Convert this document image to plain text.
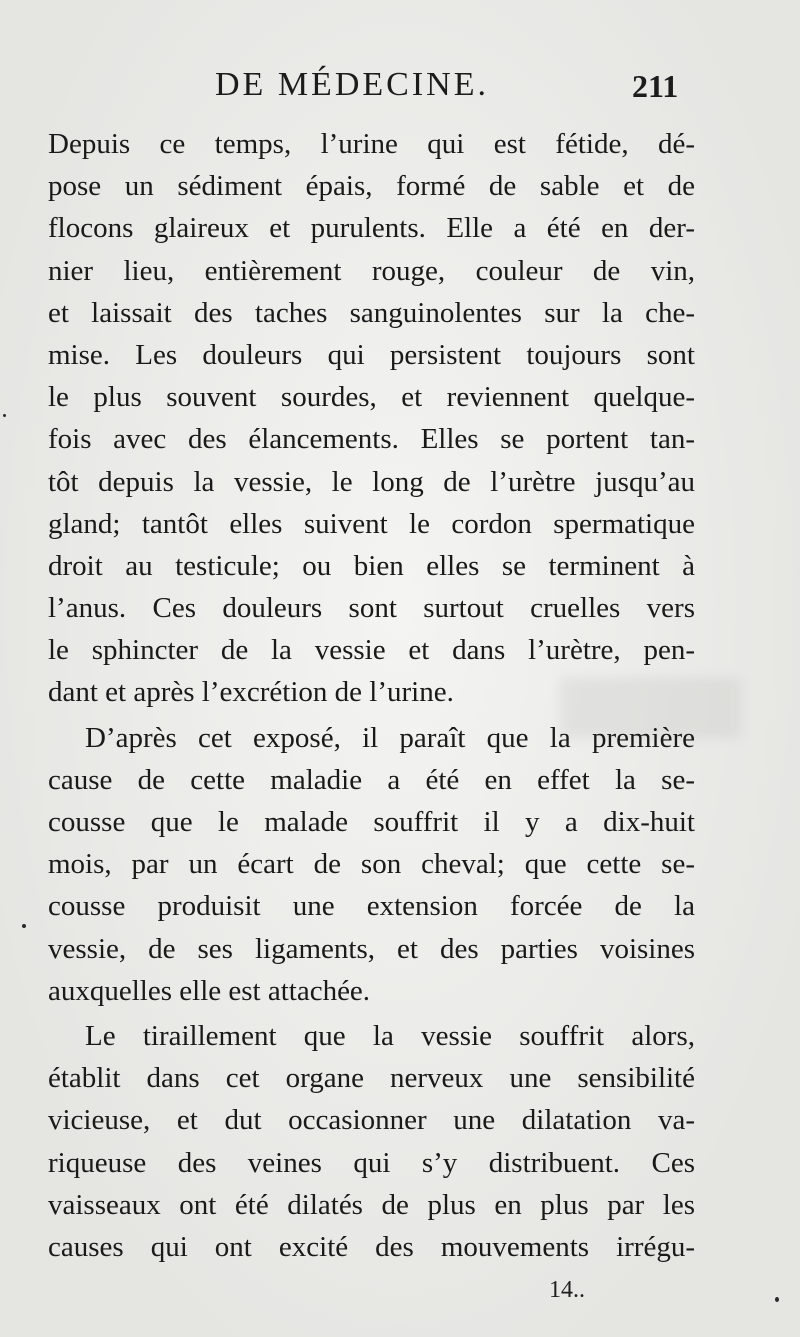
DE MÉDECINE.	211
Depuis ce temps, l’urine qui est fétide, dé-
pose un sédiment épais, formé de sable et de
flocons glaireux et purulents. Elle a été en der-
nier lieu, entièrement rouge, couleur de vin,
et laissait des taches sanguinolentes sur la che-
mise. Les douleurs qui persistent toujours sont
le plus souvent sourdes, et reviennent quelque-
fois avec des élancements. Elles se portent tan-
tôt depuis la vessie, le long de l’urètre jusqu’au
gland; tantôt elles suivent le cordon spermatique
droit au testicule; ou bien elles se terminent à
l’anus. Ces douleurs sont surtout cruelles vers
le sphincter de la vessie et dans l’urètre, pen-
dant et après l’excrétion de l’urine.
D’après cet exposé, il paraît que la première
cause de cette maladie a été en effet la se-
cousse que le malade souffrit il y a dix-huit
mois, par un écart de son cheval; que cette se-
cousse produisit une extension forcée de la
vessie, de ses ligaments, et des parties voisines
auxquelles elle est attachée.
Le tiraillement que la vessie souffrit alors,
établit dans cet organe nerveux une sensibilité
vicieuse, et dut occasionner une dilatation va-
riqueuse des veines qui s’y distribuent. Ces
vaisseaux ont été dilatés de plus en plus par les
causes qui ont excité des mouvements irrégu-
14..
